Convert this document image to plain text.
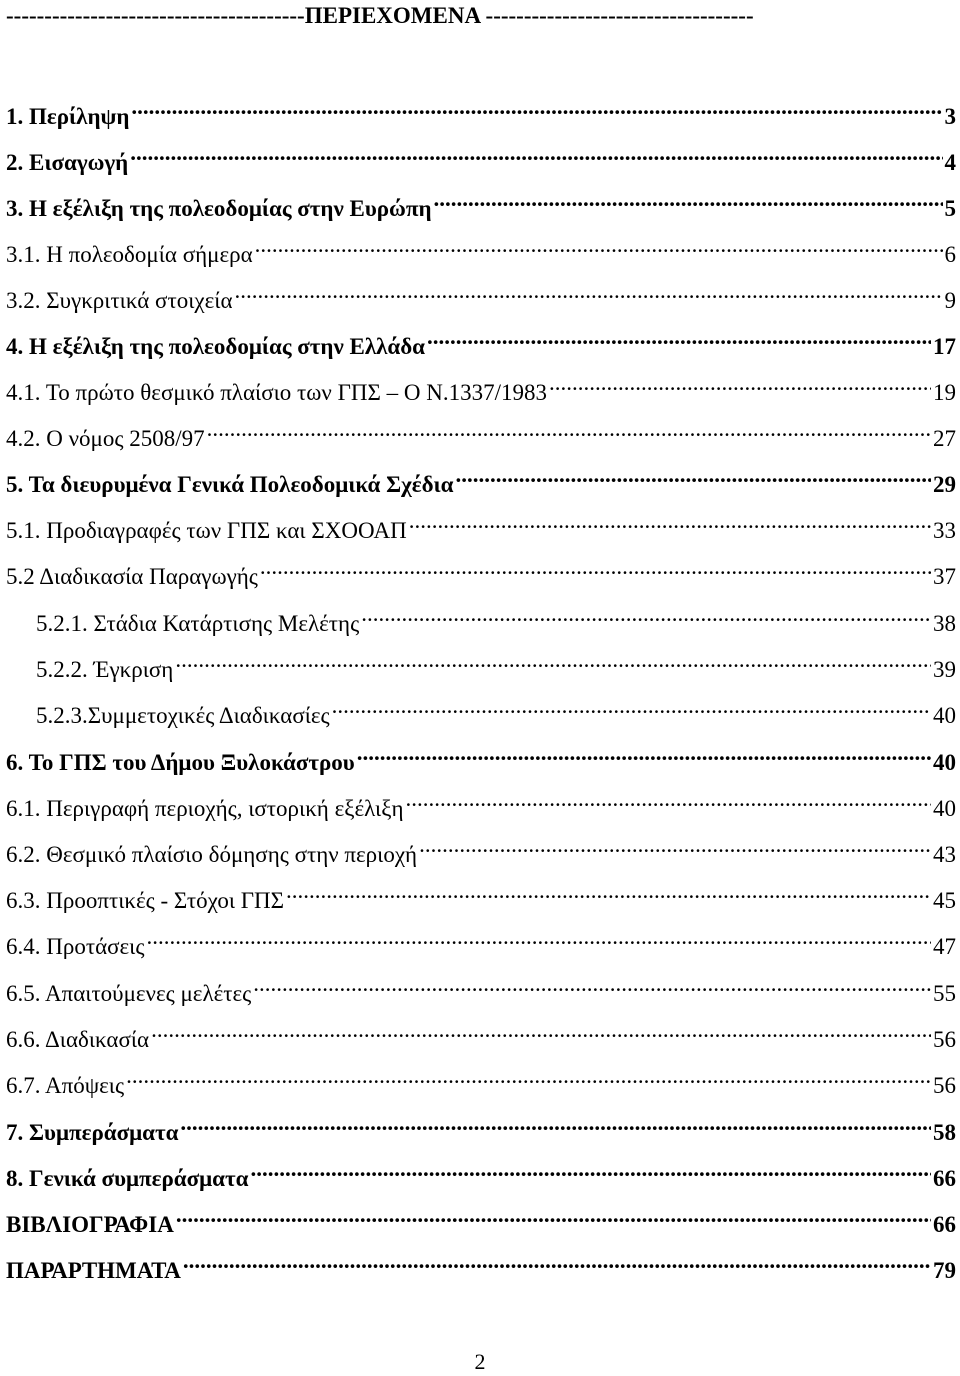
---------------------------------------ΠΕΡΙΕΧΟΜΕΝΑ -----------------------------------
1. Περίληψη .....	3
2. Εισαγωγή .....	4
3. Η εξέλιξη της πολεοδομίας στην Ευρώπη .....	5
3.1. Η πολεοδομία σήμερα .....	6
3.2. Συγκριτικά στοιχεία .....	9
4. Η εξέλιξη της πολεοδομίας στην Ελλάδα .....	17
4.1. Το πρώτο θεσμικό πλαίσιο των ΓΠΣ – Ο Ν.1337/1983 .....	19
4.2. Ο νόμος 2508/97 .....	27
5. Τα διευρυμένα Γενικά Πολεοδομικά Σχέδια .....	29
5.1. Προδιαγραφές των ΓΠΣ και ΣΧΟΟΑΠ .....	33
5.2 Διαδικασία Παραγωγής .....	37
5.2.1. Στάδια Κατάρτισης Μελέτης .....	38
5.2.2. Έγκριση .....	39
5.2.3.Συμμετοχικές Διαδικασίες .....	40
6. Το ΓΠΣ του Δήμου Ξυλοκάστρου .....	40
6.1. Περιγραφή περιοχής, ιστορική εξέλιξη .....	40
6.2. Θεσμικό πλαίσιο δόμησης στην περιοχή .....	43
6.3. Προοπτικές - Στόχοι ΓΠΣ .....	45
6.4. Προτάσεις .....	47
6.5. Απαιτούμενες μελέτες .....	55
6.6. Διαδικασία .....	56
6.7. Απόψεις .....	56
7. Συμπεράσματα .....	58
8. Γενικά συμπεράσματα .....	66
ΒΙΒΛΙΟΓΡΑΦΙΑ .....	66
ΠΑΡΑΡΤΗΜΑΤΑ .....	79
2
